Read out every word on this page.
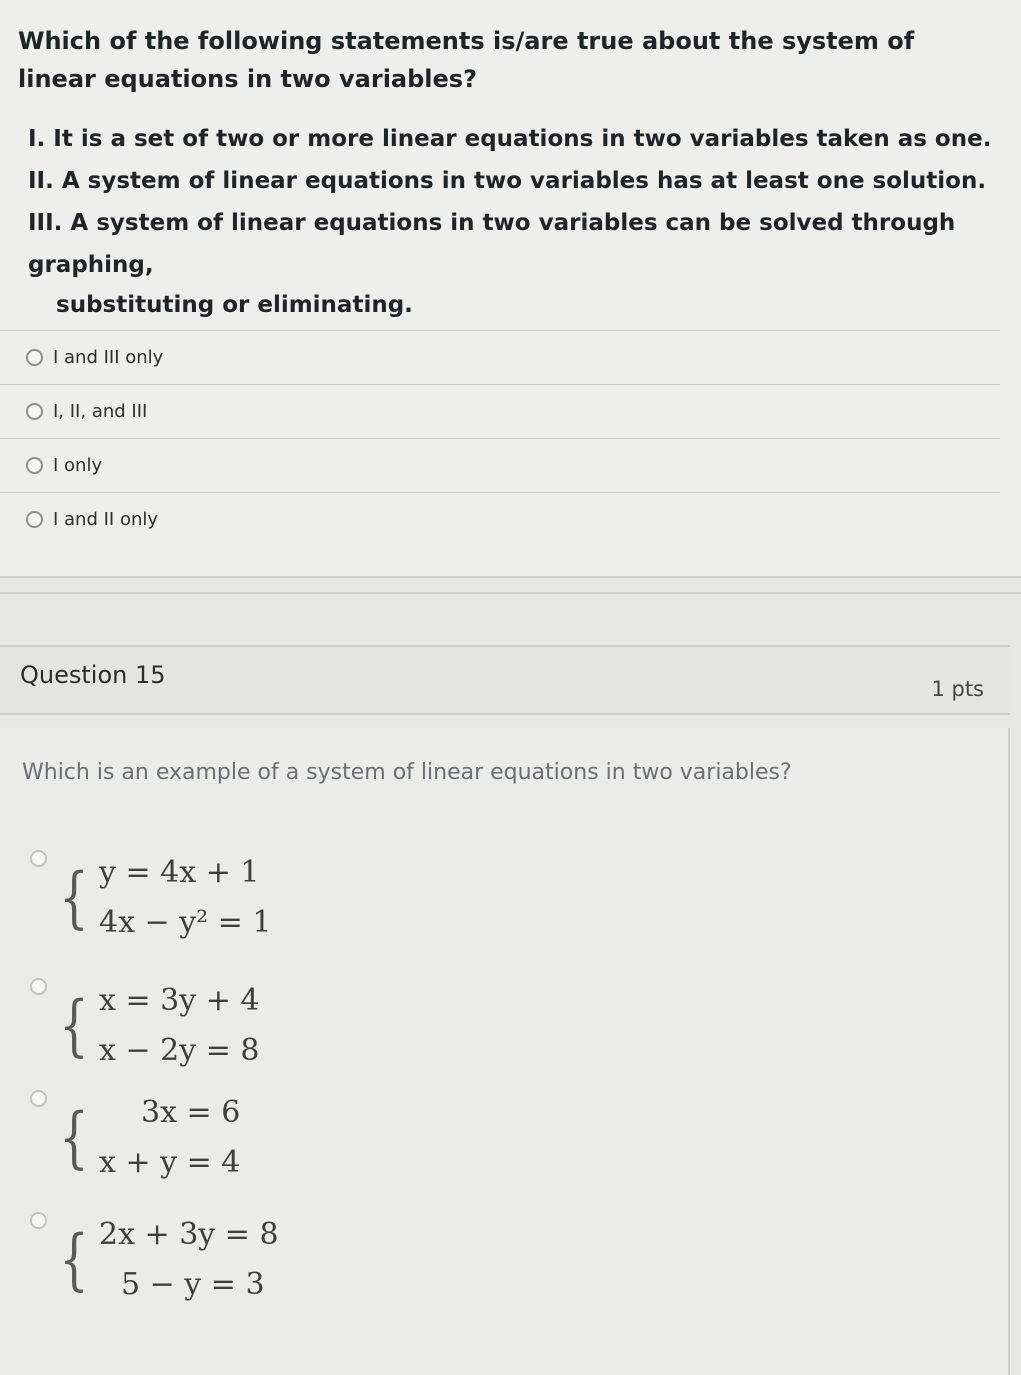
Which of the following statements is/are true about the system of linear equations in two variables?
I. It is a set of two or more linear equations in two variables taken as one.
II. A system of linear equations in two variables has at least one solution.
III. A system of linear equations in two variables can be solved through graphing,
substituting or eliminating.
I and III only
I, II, and III
I only
I and II only
Question 15	1 pts
Which is an example of a system of linear equations in two variables?
{ y = 4x + 1
4x − y² = 1
{ x = 3y + 4
x − 2y = 8
{	3x = 6
x + y = 4
{ 2x + 3y = 8
5 − y = 3
